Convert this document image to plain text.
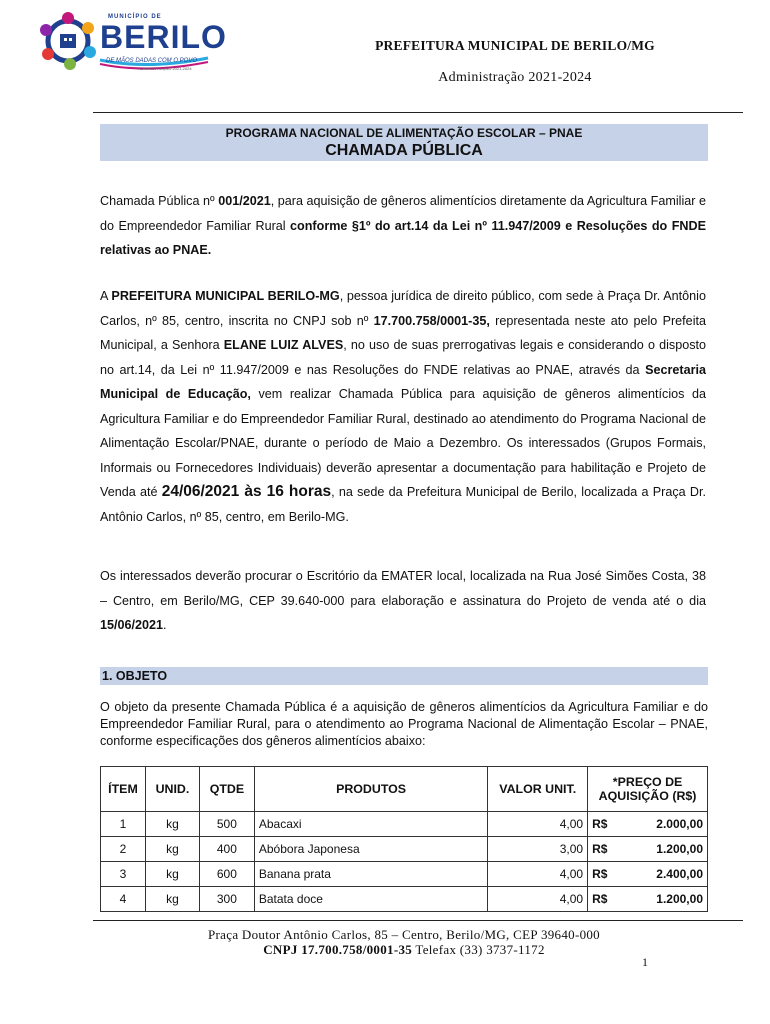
MUNICÍPIO DE
BERILO
DE MÃOS DADAS COM O POVO
ADMINISTRAÇÃO 2021-2024
PREFEITURA MUNICIPAL DE BERILO/MG
Administração 2021-2024
PROGRAMA NACIONAL DE ALIMENTAÇÃO ESCOLAR – PNAE
CHAMADA PÚBLICA
Chamada Pública nº 001/2021, para aquisição de gêneros alimentícios diretamente da Agricultura Familiar e do Empreendedor Familiar Rural conforme §1º do art.14 da Lei nº 11.947/2009 e Resoluções do FNDE relativas ao PNAE.
A PREFEITURA MUNICIPAL BERILO-MG, pessoa jurídica de direito público, com sede à Praça Dr. Antônio Carlos, nº 85, centro, inscrita no CNPJ sob nº 17.700.758/0001-35, representada neste ato pelo Prefeita Municipal, a Senhora ELANE LUIZ ALVES, no uso de suas prerrogativas legais e considerando o disposto no art.14, da Lei nº 11.947/2009 e nas Resoluções do FNDE relativas ao PNAE, através da Secretaria Municipal de Educação, vem realizar Chamada Pública para aquisição de gêneros alimentícios da Agricultura Familiar e do Empreendedor Familiar Rural, destinado ao atendimento do Programa Nacional de Alimentação Escolar/PNAE, durante o período de Maio a Dezembro. Os interessados (Grupos Formais, Informais ou Fornecedores Individuais) deverão apresentar a documentação para habilitação e Projeto de Venda até 24/06/2021 às 16 horas, na sede da Prefeitura Municipal de Berilo, localizada a Praça Dr. Antônio Carlos, nº 85, centro, em Berilo-MG.
Os interessados deverão procurar o Escritório da EMATER local, localizada na Rua José Simões Costa, 38 – Centro, em Berilo/MG, CEP 39.640-000 para elaboração e assinatura do Projeto de venda até o dia 15/06/2021.
1. OBJETO
O objeto da presente Chamada Pública é a aquisição de gêneros alimentícios da Agricultura Familiar e do Empreendedor Familiar Rural, para o atendimento ao Programa Nacional de Alimentação Escolar – PNAE, conforme especificações dos gêneros alimentícios abaixo:
ÍTEM	UNID.	QTDE	PRODUTOS	VALOR UNIT.	*PREÇO DE AQUISIÇÃO (R$)
1	kg	500	Abacaxi	4,00	R$ 2.000,00

2	kg	400	Abóbora Japonesa	3,00	R$ 1.200,00

3	kg	600	Banana prata	4,00	R$ 2.400,00

4	kg	300	Batata doce	4,00	R$ 1.200,00
Praça Doutor Antônio Carlos, 85 – Centro, Berilo/MG, CEP 39640-000
CNPJ 17.700.758/0001-35 Telefax (33) 3737-1172
1
